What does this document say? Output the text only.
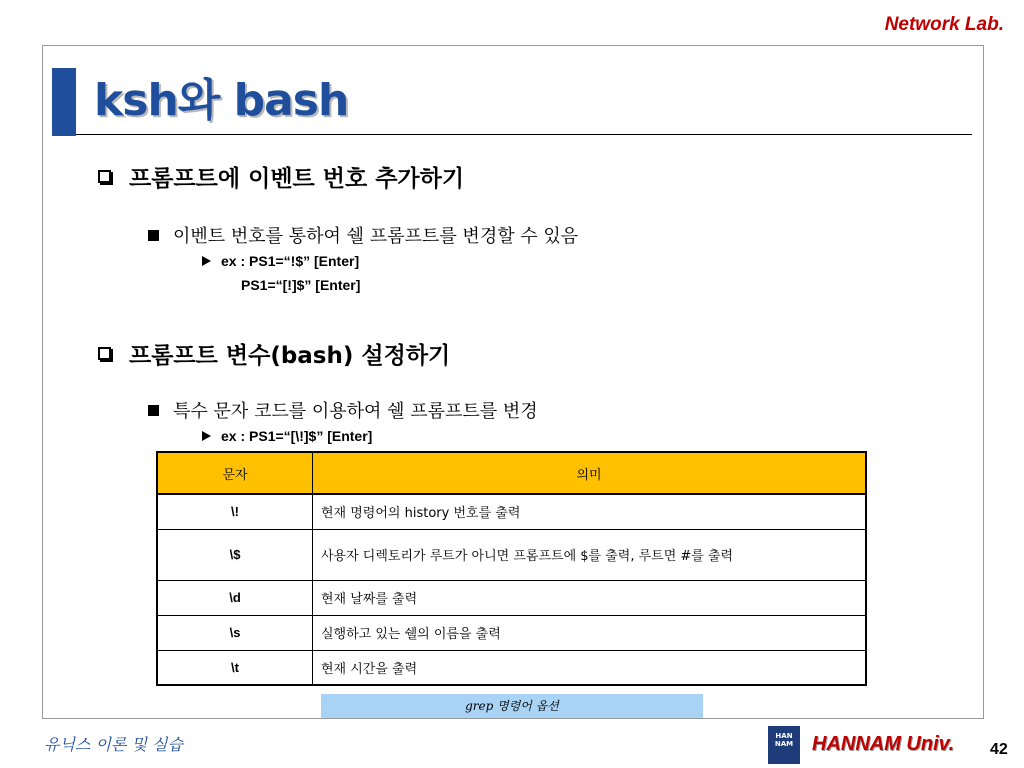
Network Lab.
ksh와 bash
프롬프트에 이벤트 번호 추가하기
이벤트 번호를 통하여 쉘 프롬프트를 변경할 수 있음
ex : PS1=“!$” [Enter]
PS1=“[!]$” [Enter]
프롬프트 변수(bash) 설정하기
특수 문자 코드를 이용하여 쉘 프롬프트를 변경
ex : PS1=“[\!]$” [Enter]
문자	의미
\!	현재 명령어의 history 번호를 출력
\$	사용자 디렉토리가 루트가 아니면 프롬프트에 $를 출력, 루트면 #를 출력
\d	현재 날짜를 출력
\s	실행하고 있는 쉘의 이름을 출력
\t	현재 시간을 출력
grep 명령어 옵션
유닉스 이론 및 실습	HAN NAM HANNAM Univ. 42
